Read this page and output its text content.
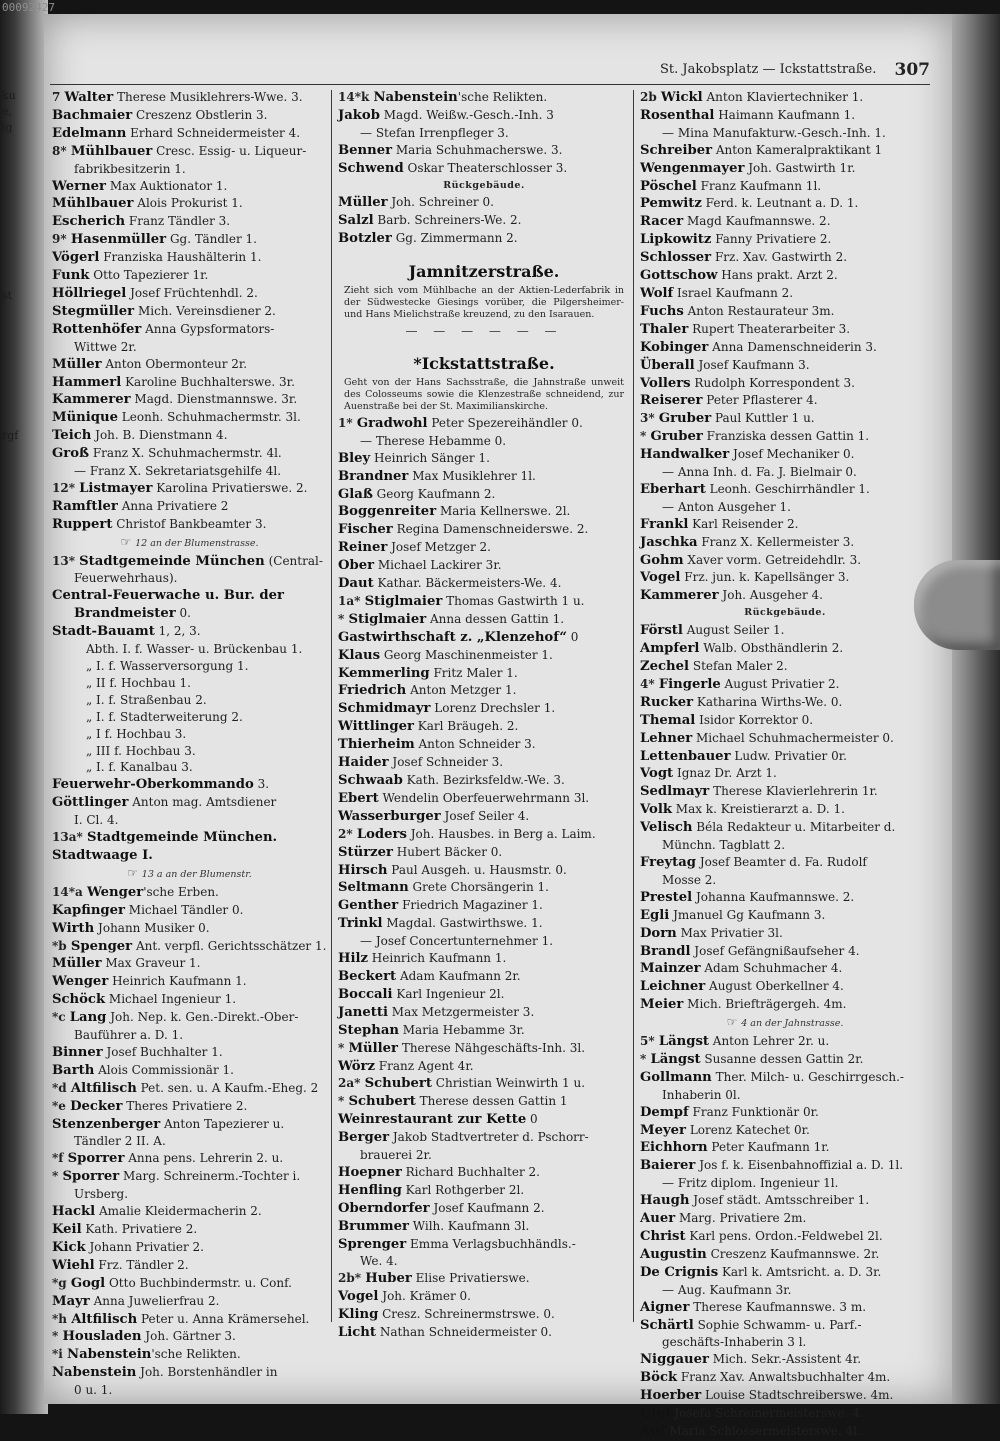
ku
e,
ig
st
rgf
00092427
St. Jakobsplatz — Ickstattstraße. 307
7 Walter Therese Musiklehrers-Wwe. 3.
Bachmaier Creszenz Obstlerin 3.
Edelmann Erhard Schneidermeister 4.
8* Mühlbauer Cresc. Essig- u. Liqueur-
fabrikbesitzerin 1.
Werner Max Auktionator 1.
Mühlbauer Alois Prokurist 1.
Escherich Franz Tändler 3.
9* Hasenmüller Gg. Tändler 1.
Vögerl Franziska Haushälterin 1.
Funk Otto Tapezierer 1r.
Höllriegel Josef Früchtenhdl. 2.
Stegmüller Mich. Vereinsdiener 2.
Rottenhöfer Anna Gypsformators-
Wittwe 2r.
Müller Anton Obermonteur 2r.
Hammerl Karoline Buchhalterswe. 3r.
Kammerer Magd. Dienstmannswe. 3r.
Münique Leonh. Schuhmachermstr. 3l.
Teich Joh. B. Dienstmann 4.
Groß Franz X. Schuhmachermstr. 4l.
— Franz X. Sekretariatsgehilfe 4l.
12* Listmayer Karolina Privatierswe. 2.
Ramftler Anna Privatiere 2
Ruppert Christof Bankbeamter 3.
☞ 12 an der Blumenstrasse.
13* Stadtgemeinde München (Central-
Feuerwehrhaus).
Central-Feuerwache u. Bur. der
Brandmeister 0.
Stadt-Bauamt 1, 2, 3.
Abth. I. f. Wasser- u. Brückenbau 1.
„ I. f. Wasserversorgung 1.
„ II f. Hochbau 1.
„ I. f. Straßenbau 2.
„ I. f. Stadterweiterung 2.
„ I f. Hochbau 3.
„ III f. Hochbau 3.
„ I. f. Kanalbau 3.
Feuerwehr-Oberkommando 3.
Göttlinger Anton mag. Amtsdiener
I. Cl. 4.
13a* Stadtgemeinde München.
Stadtwaage I.
☞ 13 a an der Blumenstr.
14*a Wenger'sche Erben.
Kapfinger Michael Tändler 0.
Wirth Johann Musiker 0.
*b Spenger Ant. verpfl. Gerichtsschätzer 1.
Müller Max Graveur 1.
Wenger Heinrich Kaufmann 1.
Schöck Michael Ingenieur 1.
*c Lang Joh. Nep. k. Gen.-Direkt.-Ober-
Bauführer a. D. 1.
Binner Josef Buchhalter 1.
Barth Alois Commissionär 1.
*d Altfilisch Pet. sen. u. A Kaufm.-Eheg. 2
*e Decker Theres Privatiere 2.
Stenzenberger Anton Tapezierer u.
Tändler 2 II. A.
*f Sporrer Anna pens. Lehrerin 2. u.
* Sporrer Marg. Schreinerm.-Tochter i.
Ursberg.
Hackl Amalie Kleidermacherin 2.
Keil Kath. Privatiere 2.
Kick Johann Privatier 2.
Wiehl Frz. Tändler 2.
*g Gogl Otto Buchbindermstr. u. Conf.
Mayr Anna Juwelierfrau 2.
*h Altfilisch Peter u. Anna Krämersehel.
* Housladen Joh. Gärtner 3.
*i Nabenstein'sche Relikten.
Nabenstein Joh. Borstenhändler in
0 u. 1.
14*k Nabenstein'sche Relikten.
Jakob Magd. Weißw.-Gesch.-Inh. 3
— Stefan Irrenpfleger 3.
Benner Maria Schuhmacherswe. 3.
Schwend Oskar Theaterschlosser 3.
Rückgebäude.
Müller Joh. Schreiner 0.
Salzl Barb. Schreiners-We. 2.
Botzler Gg. Zimmermann 2.
Jamnitzerstraße.
Zieht sich vom Mühlbache an der Aktien-Lederfabrik in der Südwestecke Giesings vorüber, die Pilgersheimer- und Hans Mielichstraße kreuzend, zu den Isarauen.
— — — — — —
*Ickstattstraße.
Geht von der Hans Sachsstraße, die Jahnstraße unweit des Colosseums sowie die Klenzestraße schneidend, zur Auenstraße bei der St. Maximilianskirche.
1* Gradwohl Peter Spezereihändler 0.
— Therese Hebamme 0.
Bley Heinrich Sänger 1.
Brandner Max Musiklehrer 1l.
Glaß Georg Kaufmann 2.
Boggenreiter Maria Kellnerswe. 2l.
Fischer Regina Damenschneiderswe. 2.
Reiner Josef Metzger 2.
Ober Michael Lackirer 3r.
Daut Kathar. Bäckermeisters-We. 4.
1a* Stiglmaier Thomas Gastwirth 1 u.
* Stiglmaier Anna dessen Gattin 1.
Gastwirthschaft z. „Klenzehof“ 0
Klaus Georg Maschinenmeister 1.
Kemmerling Fritz Maler 1.
Friedrich Anton Metzger 1.
Schmidmayr Lorenz Drechsler 1.
Wittlinger Karl Bräugeh. 2.
Thierheim Anton Schneider 3.
Haider Josef Schneider 3.
Schwaab Kath. Bezirksfeldw.-We. 3.
Ebert Wendelin Oberfeuerwehrmann 3l.
Wasserburger Josef Seiler 4.
2* Loders Joh. Hausbes. in Berg a. Laim.
Stürzer Hubert Bäcker 0.
Hirsch Paul Ausgeh. u. Hausmstr. 0.
Seltmann Grete Chorsängerin 1.
Genther Friedrich Magaziner 1.
Trinkl Magdal. Gastwirthswe. 1.
— Josef Concertunternehmer 1.
Hilz Heinrich Kaufmann 1.
Beckert Adam Kaufmann 2r.
Boccali Karl Ingenieur 2l.
Janetti Max Metzgermeister 3.
Stephan Maria Hebamme 3r.
* Müller Therese Nähgeschäfts-Inh. 3l.
Wörz Franz Agent 4r.
2a* Schubert Christian Weinwirth 1 u.
* Schubert Therese dessen Gattin 1
Weinrestaurant zur Kette 0
Berger Jakob Stadtvertreter d. Pschorr-
brauerei 2r.
Hoepner Richard Buchhalter 2.
Henfling Karl Rothgerber 2l.
Oberndorfer Josef Kaufmann 2.
Brummer Wilh. Kaufmann 3l.
Sprenger Emma Verlagsbuchhändls.-
We. 4.
2b* Huber Elise Privatierswe.
Vogel Joh. Krämer 0.
Kling Cresz. Schreinermstrswe. 0.
Licht Nathan Schneidermeister 0.
2b Wickl Anton Klaviertechniker 1.
Rosenthal Haimann Kaufmann 1.
— Mina Manufakturw.-Gesch.-Inh. 1.
Schreiber Anton Kameralpraktikant 1
Wengenmayer Joh. Gastwirth 1r.
Pöschel Franz Kaufmann 1l.
Pemwitz Ferd. k. Leutnant a. D. 1.
Racer Magd Kaufmannswe. 2.
Lipkowitz Fanny Privatiere 2.
Schlosser Frz. Xav. Gastwirth 2.
Gottschow Hans prakt. Arzt 2.
Wolf Israel Kaufmann 2.
Fuchs Anton Restaurateur 3m.
Thaler Rupert Theaterarbeiter 3.
Kobinger Anna Damenschneiderin 3.
Überall Josef Kaufmann 3.
Vollers Rudolph Korrespondent 3.
Reiserer Peter Pflasterer 4.
3* Gruber Paul Kuttler 1 u.
* Gruber Franziska dessen Gattin 1.
Handwalker Josef Mechaniker 0.
— Anna Inh. d. Fa. J. Bielmair 0.
Eberhart Leonh. Geschirrhändler 1.
— Anton Ausgeher 1.
Frankl Karl Reisender 2.
Jaschka Franz X. Kellermeister 3.
Gohm Xaver vorm. Getreidehdlr. 3.
Vogel Frz. jun. k. Kapellsänger 3.
Kammerer Joh. Ausgeher 4.
Rückgebäude.
Förstl August Seiler 1.
Ampferl Walb. Obsthändlerin 2.
Zechel Stefan Maler 2.
4* Fingerle August Privatier 2.
Rucker Katharina Wirths-We. 0.
Themal Isidor Korrektor 0.
Lehner Michael Schuhmachermeister 0.
Lettenbauer Ludw. Privatier 0r.
Vogt Ignaz Dr. Arzt 1.
Sedlmayr Therese Klavierlehrerin 1r.
Volk Max k. Kreistierarzt a. D. 1.
Velisch Béla Redakteur u. Mitarbeiter d.
Münchn. Tagblatt 2.
Freytag Josef Beamter d. Fa. Rudolf
Mosse 2.
Prestel Johanna Kaufmannswe. 2.
Egli Jmanuel Gg Kaufmann 3.
Dorn Max Privatier 3l.
Brandl Josef Gefängnißaufseher 4.
Mainzer Adam Schuhmacher 4.
Leichner August Oberkellner 4.
Meier Mich. Briefträgergeh. 4m.
☞ 4 an der Jahnstrasse.
5* Längst Anton Lehrer 2r. u.
* Längst Susanne dessen Gattin 2r.
Gollmann Ther. Milch- u. Geschirrgesch.-
Inhaberin 0l.
Dempf Franz Funktionär 0r.
Meyer Lorenz Katechet 0r.
Eichhorn Peter Kaufmann 1r.
Baierer Jos f. k. Eisenbahnoffizial a. D. 1l.
— Fritz diplom. Ingenieur 1l.
Haugh Josef städt. Amtsschreiber 1.
Auer Marg. Privatiere 2m.
Christ Karl pens. Ordon.-Feldwebel 2l.
Augustin Creszenz Kaufmannswe. 2r.
De Crignis Karl k. Amtsricht. a. D. 3r.
— Aug. Kaufmann 3r.
Aigner Therese Kaufmannswe. 3 m.
Schärtl Sophie Schwamm- u. Parf.-
geschäfts-Inhaberin 3 l.
Niggauer Mich. Sekr.-Assistent 4r.
Böck Franz Xav. Anwaltsbuchhalter 4m.
Hoerber Louise Stadtschreiberswe. 4m.
Gigl Josefa Schreinermeisterswe. 4.
Auf Maria Schlossermeisterswe. 4l.
